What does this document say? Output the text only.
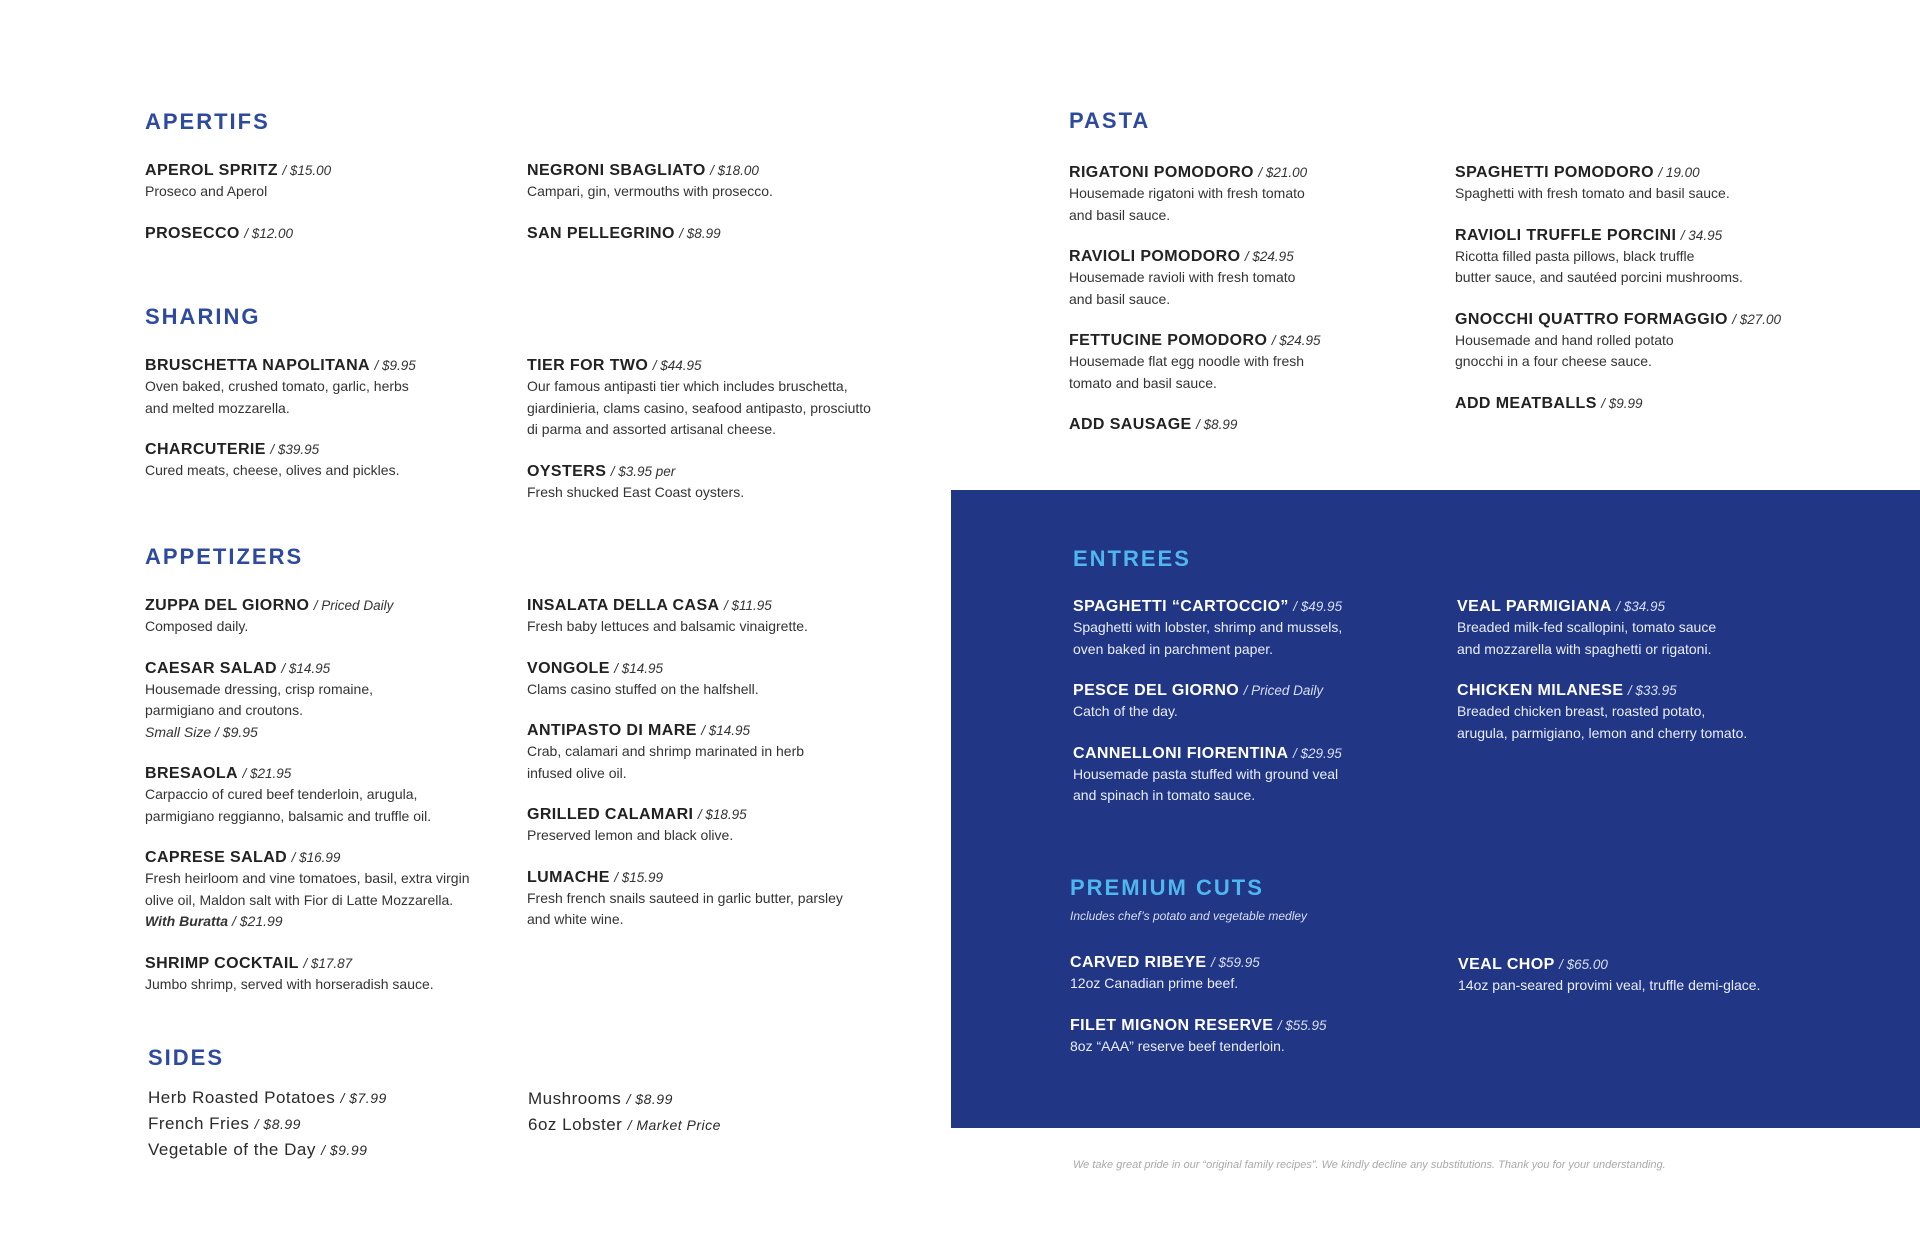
APERTIFS
APEROL SPRITZ / $15.00
Proseco and Aperol
PROSECCO / $12.00
NEGRONI SBAGLIATO / $18.00
Campari, gin, vermouths with prosecco.
SAN PELLEGRINO / $8.99
SHARING
BRUSCHETTA NAPOLITANA / $9.95
Oven baked, crushed tomato, garlic, herbs
and melted mozzarella.
CHARCUTERIE / $39.95
Cured meats, cheese, olives and pickles.
TIER FOR TWO / $44.95
Our famous antipasti tier which includes bruschetta,
giardinieria, clams casino, seafood antipasto, prosciutto
di parma and assorted artisanal cheese.
OYSTERS / $3.95 per
Fresh shucked East Coast oysters.
APPETIZERS
ZUPPA DEL GIORNO / Priced Daily
Composed daily.
CAESAR SALAD / $14.95
Housemade dressing, crisp romaine,
parmigiano and croutons.
Small Size / $9.95
BRESAOLA / $21.95
Carpaccio of cured beef tenderloin, arugula,
parmigiano reggianno, balsamic and truffle oil.
CAPRESE SALAD / $16.99
Fresh heirloom and vine tomatoes, basil, extra virgin
olive oil, Maldon salt with Fior di Latte Mozzarella.
With Buratta / $21.99
SHRIMP COCKTAIL / $17.87
Jumbo shrimp, served with horseradish sauce.
INSALATA DELLA CASA / $11.95
Fresh baby lettuces and balsamic vinaigrette.
VONGOLE / $14.95
Clams casino stuffed on the halfshell.
ANTIPASTO DI MARE / $14.95
Crab, calamari and shrimp marinated in herb
infused olive oil.
GRILLED CALAMARI / $18.95
Preserved lemon and black olive.
LUMACHE / $15.99
Fresh french snails sauteed in garlic butter, parsley
and white wine.
SIDES
Herb Roasted Potatoes / $7.99
French Fries / $8.99
Vegetable of the Day / $9.99
Mushrooms / $8.99
6oz Lobster / Market Price
PASTA
RIGATONI POMODORO / $21.00
Housemade rigatoni with fresh tomato
and basil sauce.
RAVIOLI POMODORO / $24.95
Housemade ravioli with fresh tomato
and basil sauce.
FETTUCINE POMODORO / $24.95
Housemade flat egg noodle with fresh
tomato and basil sauce.
ADD SAUSAGE / $8.99
SPAGHETTI POMODORO / 19.00
Spaghetti with fresh tomato and basil sauce.
RAVIOLI TRUFFLE PORCINI / 34.95
Ricotta filled pasta pillows, black truffle
butter sauce, and sautéed porcini mushrooms.
GNOCCHI QUATTRO FORMAGGIO / $27.00
Housemade and hand rolled potato
gnocchi in a four cheese sauce.
ADD MEATBALLS / $9.99
ENTREES
SPAGHETTI “CARTOCCIO” / $49.95
Spaghetti with lobster, shrimp and mussels,
oven baked in parchment paper.
PESCE DEL GIORNO / Priced Daily
Catch of the day.
CANNELLONI FIORENTINA / $29.95
Housemade pasta stuffed with ground veal
and spinach in tomato sauce.
VEAL PARMIGIANA / $34.95
Breaded milk-fed scallopini, tomato sauce
and mozzarella with spaghetti or rigatoni.
CHICKEN MILANESE / $33.95
Breaded chicken breast, roasted potato,
arugula, parmigiano, lemon and cherry tomato.
PREMIUM CUTS
Includes chef’s potato and vegetable medley
CARVED RIBEYE / $59.95
12oz Canadian prime beef.
FILET MIGNON RESERVE / $55.95
8oz “AAA” reserve beef tenderloin.
VEAL CHOP / $65.00
14oz pan-seared provimi veal, truffle demi-glace.
We take great pride in our “original family recipes”. We kindly decline any substitutions. Thank you for your understanding.
